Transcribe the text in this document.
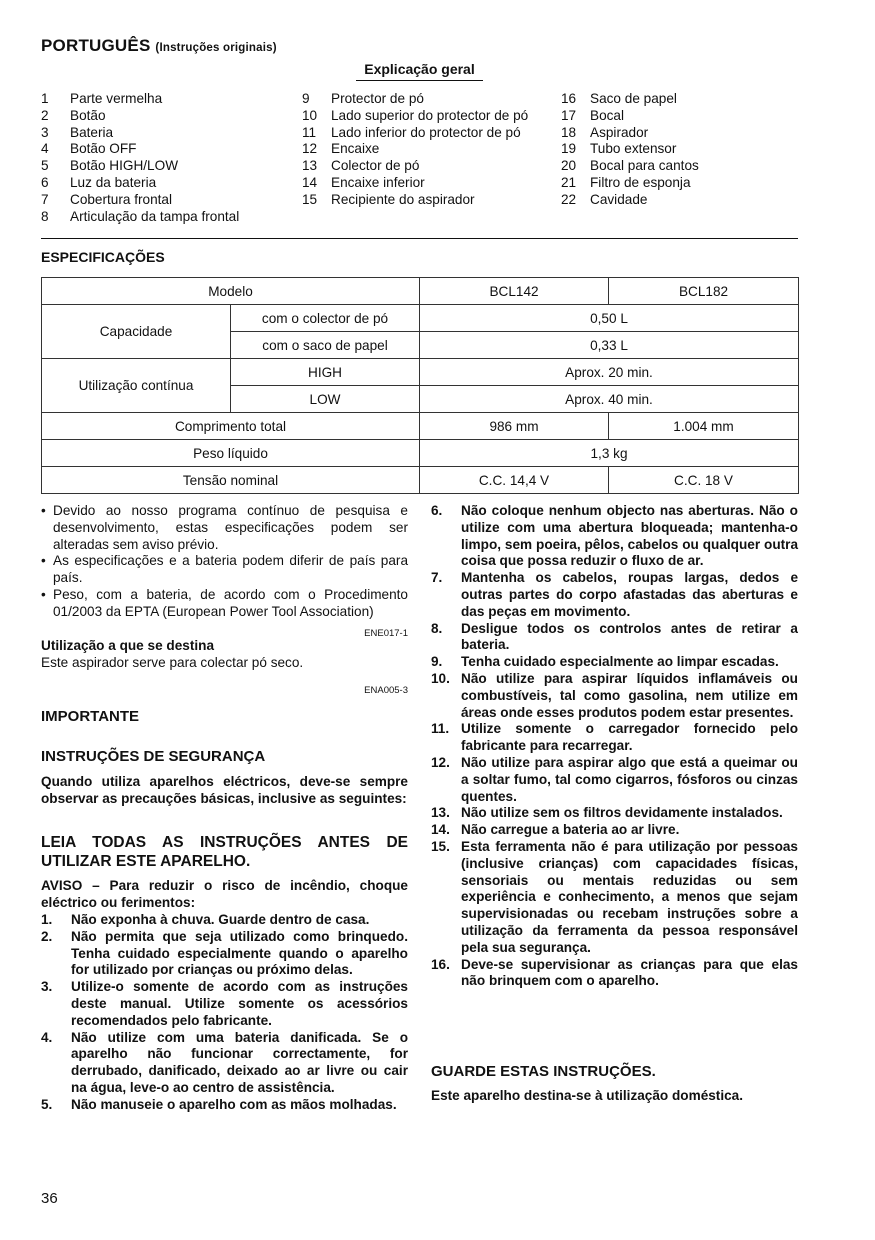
PORTUGUÊS (Instruções originais)
Explicação geral
1	Parte vermelha
2	Botão
3	Bateria
4	Botão OFF
5	Botão HIGH/LOW
6	Luz da bateria
7	Cobertura frontal
8	Articulação da tampa frontal
9	Protector de pó
10	Lado superior do protector de pó
11	Lado inferior do protector de pó
12	Encaixe
13	Colector de pó
14	Encaixe inferior
15	Recipiente do aspirador
16	Saco de papel
17	Bocal
18	Aspirador
19	Tubo extensor
20	Bocal para cantos
21	Filtro de esponja
22	Cavidade
ESPECIFICAÇÕES
Modelo		BCL142	BCL182
Capacidade	com o colector de pó	0,50 L	
	com o saco de papel	0,33 L	
Utilização contínua	HIGH	Aprox. 20 min.	
	LOW	Aprox. 40 min.	
Comprimento total		986 mm	1.004 mm
Peso líquido		1,3 kg	
Tensão nominal		C.C. 14,4 V	C.C. 18 V
• Devido ao nosso programa contínuo de pesquisa e desenvolvimento, estas especificações podem ser alteradas sem aviso prévio.
• As especificações e a bateria podem diferir de país para país.
• Peso, com a bateria, de acordo com o Procedimento 01/2003 da EPTA (European Power Tool Association)
ENE017-1
Utilização a que se destina
Este aspirador serve para colectar pó seco.
ENA005-3
IMPORTANTE
INSTRUÇÕES DE SEGURANÇA
Quando utiliza aparelhos eléctricos, deve-se sempre observar as precauções básicas, inclusive as seguintes:
LEIA TODAS AS INSTRUÇÕES ANTES DE UTILIZAR ESTE APARELHO.
AVISO – Para reduzir o risco de incêndio, choque eléctrico ou ferimentos:
1.	Não exponha à chuva. Guarde dentro de casa.
2.	Não permita que seja utilizado como brinquedo. Tenha cuidado especialmente quando o aparelho for utilizado por crianças ou próximo delas.
3.	Utilize-o somente de acordo com as instruções deste manual. Utilize somente os acessórios recomendados pelo fabricante.
4.	Não utilize com uma bateria danificada. Se o aparelho não funcionar correctamente, for derrubado, danificado, deixado ao ar livre ou cair na água, leve-o ao centro de assistência.
5.	Não manuseie o aparelho com as mãos molhadas.
6.	Não coloque nenhum objecto nas aberturas. Não o utilize com uma abertura bloqueada; mantenha-o limpo, sem poeira, pêlos, cabelos ou qualquer outra coisa que possa reduzir o fluxo de ar.
7.	Mantenha os cabelos, roupas largas, dedos e outras partes do corpo afastadas das aberturas e das peças em movimento.
8.	Desligue todos os controlos antes de retirar a bateria.
9.	Tenha cuidado especialmente ao limpar escadas.
10. Não utilize para aspirar líquidos inflamáveis ou combustíveis, tal como gasolina, nem utilize em áreas onde esses produtos podem estar presentes.
11. Utilize somente o carregador fornecido pelo fabricante para recarregar.
12. Não utilize para aspirar algo que está a queimar ou a soltar fumo, tal como cigarros, fósforos ou cinzas quentes.
13. Não utilize sem os filtros devidamente instalados.
14. Não carregue a bateria ao ar livre.
15. Esta ferramenta não é para utilização por pessoas (inclusive crianças) com capacidades físicas, sensoriais ou mentais reduzidas ou sem experiência e conhecimento, a menos que sejam supervisionadas ou recebam instruções sobre a utilização da ferramenta da pessoa responsável pela sua segurança.
16. Deve-se supervisionar as crianças para que elas não brinquem com o aparelho.
GUARDE ESTAS INSTRUÇÕES.
Este aparelho destina-se à utilização doméstica.
36
